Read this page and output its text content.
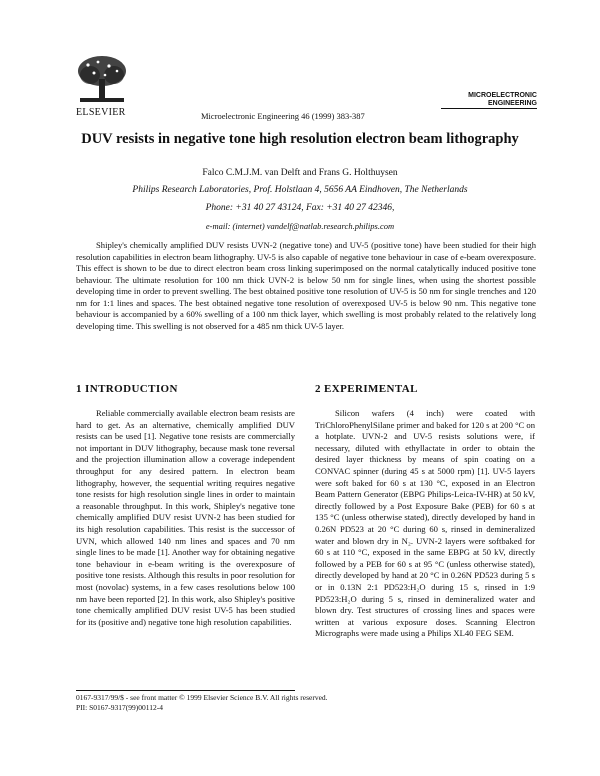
ELSEVIER	Microelectronic Engineering 46 (1999) 383-387
MICROELECTRONIC
ENGINEERING
DUV resists in negative tone high resolution electron beam lithography
Falco C.M.J.M. van Delft and Frans G. Holthuysen
Philips Research Laboratories, Prof. Holstlaan 4, 5656 AA Eindhoven, The Netherlands
Phone: +31 40 27 43124, Fax: +31 40 27 42346,
e-mail: (internet) vandelf@natlab.research.philips.com
Shipley's chemically amplified DUV resists UVN-2 (negative tone) and UV-5 (positive tone) have been studied for their high resolution capabilities in electron beam lithography. UV-5 is also capable of negative tone behaviour in case of e-beam overexposure. This effect is shown to be due to direct electron beam cross linking superimposed on the normal catalytically induced positive tone behaviour. The ultimate resolution for 100 nm thick UVN-2 is below 50 nm for single lines, when using the shortest possible developing time in order to prevent swelling. The best obtained positive tone resolution of UV-5 is 50 nm for single trenches and 120 nm for 1:1 lines and spaces. The best obtained negative tone resolution of overexposed UV-5 is below 90 nm. This negative tone behaviour is accompanied by a 60% swelling of a 100 nm thick layer, which swelling is most probably related to the relatively long developing time. This swelling is not observed for a 485 nm thick UV-5 layer.
1 INTRODUCTION	2 EXPERIMENTAL
Reliable commercially available electron beam resists are hard to get. As an alternative, chemically amplified DUV resists can be used [1]. Negative tone resists are commercially not important in DUV lithography, because mask tone reversal and the projection illumination allow a coverage independent throughput for any desired pattern. In electron beam lithography, however, the sequential writing requires negative tone resists for high resolution single lines in order to maintain a reasonable throughput. In this work, Shipley's negative tone chemically amplified DUV resist UVN-2 has been studied for its high resolution capabilities. This resist is the successor of UVN, which allowed 140 nm lines and spaces and 70 nm single lines to be made [1]. Another way for obtaining negative tone behaviour in e-beam writing is the overexposure of positive tone resists. Although this results in poor resolution for most (novolac) systems, in a few cases resolutions below 100 nm have been reported [2]. In this work, also Shipley's positive tone chemically amplified DUV resist UV-5 has been studied for its (positive and) negative tone high resolution capabilities.
Silicon wafers (4 inch) were coated with TriChloroPhenylSilane primer and baked for 120 s at 200 °C on a hotplate. UVN-2 and UV-5 resists solutions were, if necessary, diluted with ethyllactate in order to obtain the desired layer thickness by means of spin coating on a CONVAC spinner (during 45 s at 5000 rpm) [1]. UV-5 layers were soft baked for 60 s at 130 °C, exposed in an Electron Beam Pattern Generator (EBPG Philips-Leica-IV-HR) at 50 kV, directly followed by a Post Exposure Bake (PEB) for 60 s at 135 °C (unless otherwise stated), directly developed by hand in 0.26N PD523 at 20 °C during 60 s, rinsed in demineralized water and blown dry in N₂. UVN-2 layers were softbaked for 60 s at 110 °C, exposed in the same EBPG at 50 kV, directly followed by a PEB for 60 s at 95 °C (unless otherwise stated), directly developed by hand at 20 °C in 0.26N PD523 during 5 s or in 0.13N 2:1 PD523:H₂O during 15 s, rinsed in 1:9 PD523:H₂O during 5 s, rinsed in demineralized water and blown dry. Test structures of crossing lines and spaces were written at various exposure doses. Scanning Electron Micrographs were made using a Philips XL40 FEG SEM.
0167-9317/99/$ - see front matter © 1999 Elsevier Science B.V. All rights reserved.
PII: S0167-9317(99)00112-4
